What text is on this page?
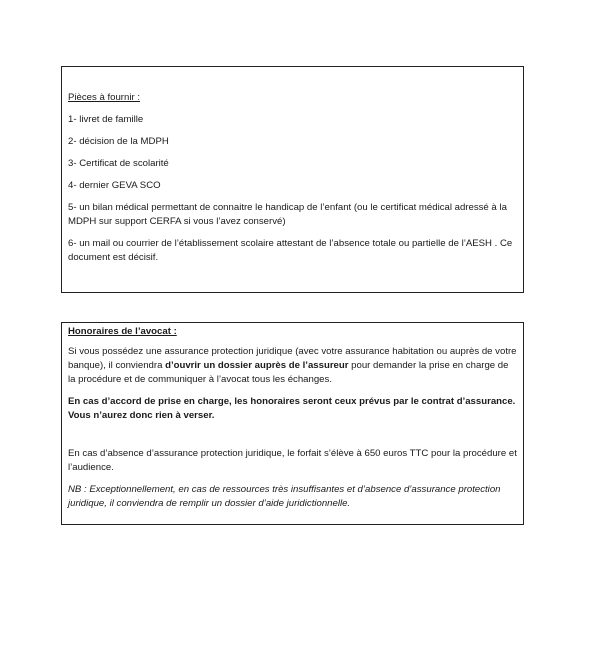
Pièces à fournir :

1- livret de famille

2- décision de la MDPH

3- Certificat de scolarité

4- dernier GEVA SCO

5- un bilan médical permettant de connaitre le handicap de l’enfant (ou le certificat médical adressé à la MDPH sur support CERFA si vous l’avez conservé)

6- un mail ou courrier de l’établissement scolaire attestant de l’absence totale ou partielle de l’AESH . Ce document est décisif.

Honoraires de l’avocat :

Si vous possédez une assurance protection juridique (avec votre assurance habitation ou auprès de votre banque), il conviendra d’ouvrir un dossier auprès de l’assureur pour demander la prise en charge de la procédure et de communiquer à l’avocat tous les échanges.

En cas d’accord de prise en charge, les honoraires seront ceux prévus par le contrat d’assurance. Vous n’aurez donc rien à verser.

En cas d’absence d’assurance protection juridique, le forfait s’élève à 650 euros TTC pour la procédure et l’audience.

NB : Exceptionnellement, en cas de ressources très insuffisantes et d’absence d’assurance protection juridique, il conviendra de remplir un dossier d’aide juridictionnelle.
